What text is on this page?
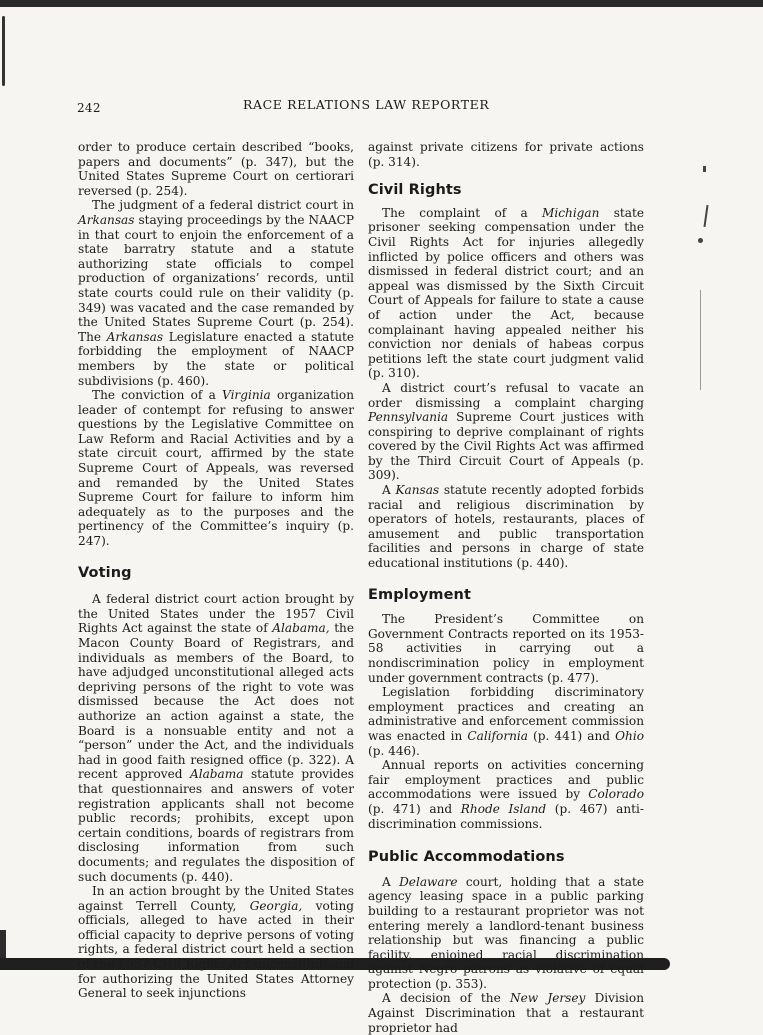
242	RACE RELATIONS LAW REPORTER

order to produce certain described “books, papers and documents” (p. 347), but the United States Supreme Court on certiorari reversed (p. 254).

The judgment of a federal district court in Arkansas staying proceedings by the NAACP in that court to enjoin the enforcement of a state barratry statute and a statute authorizing state officials to compel production of organizations’ records, until state courts could rule on their validity (p. 349) was vacated and the case remanded by the United States Supreme Court (p. 254). The Arkansas Legislature enacted a statute forbidding the employment of NAACP members by the state or political subdivisions (p. 460).

The conviction of a Virginia organization leader of contempt for refusing to answer questions by the Legislative Committee on Law Reform and Racial Activities and by a state circuit court, affirmed by the state Supreme Court of Appeals, was reversed and remanded by the United States Supreme Court for failure to inform him adequately as to the purposes and the pertinency of the Committee’s inquiry (p. 247).

Voting

A federal district court action brought by the United States under the 1957 Civil Rights Act against the state of Alabama, the Macon County Board of Registrars, and individuals as members of the Board, to have adjudged unconstitutional alleged acts depriving persons of the right to vote was dismissed because the Act does not authorize an action against a state, the Board is a nonsuable entity and not a “person” under the Act, and the individuals had in good faith resigned office (p. 322). A recent approved Alabama statute provides that questionnaires and answers of voter registration applicants shall not become public records; prohibits, except upon certain conditions, boards of registrars from disclosing information from such documents; and regulates the disposition of such documents (p. 440).

In an action brought by the United States against Terrell County, Georgia, voting officials, alleged to have acted in their official capacity to deprive persons of voting rights, a federal district court held a section of the 1957 Civil Rights Act unconstitutional for authorizing the United States Attorney General to seek injunctions

against private citizens for private actions (p. 314).

Civil Rights

The complaint of a Michigan state prisoner seeking compensation under the Civil Rights Act for injuries allegedly inflicted by police officers and others was dismissed in federal district court; and an appeal was dismissed by the Sixth Circuit Court of Appeals for failure to state a cause of action under the Act, because complainant having appealed neither his conviction nor denials of habeas corpus petitions left the state court judgment valid (p. 310).

A district court’s refusal to vacate an order dismissing a complaint charging Pennsylvania Supreme Court justices with conspiring to deprive complainant of rights covered by the Civil Rights Act was affirmed by the Third Circuit Court of Appeals (p. 309).

A Kansas statute recently adopted forbids racial and religious discrimination by operators of hotels, restaurants, places of amusement and public transportation facilities and persons in charge of state educational institutions (p. 440).

Employment

The President’s Committee on Government Contracts reported on its 1953-58 activities in carrying out a nondiscrimination policy in employment under government contracts (p. 477).

Legislation forbidding discriminatory employment practices and creating an administrative and enforcement commission was enacted in California (p. 441) and Ohio (p. 446).

Annual reports on activities concerning fair employment practices and public accommodations were issued by Colorado (p. 471) and Rhode Island (p. 467) anti-discrimination commissions.

Public Accommodations

A Delaware court, holding that a state agency leasing space in a public parking building to a restaurant proprietor was not entering merely a landlord-tenant business relationship but was financing a public facility, enjoined racial discrimination against Negro patrons as violative of equal protection (p. 353).

A decision of the New Jersey Division Against Discrimination that a restaurant proprietor had
